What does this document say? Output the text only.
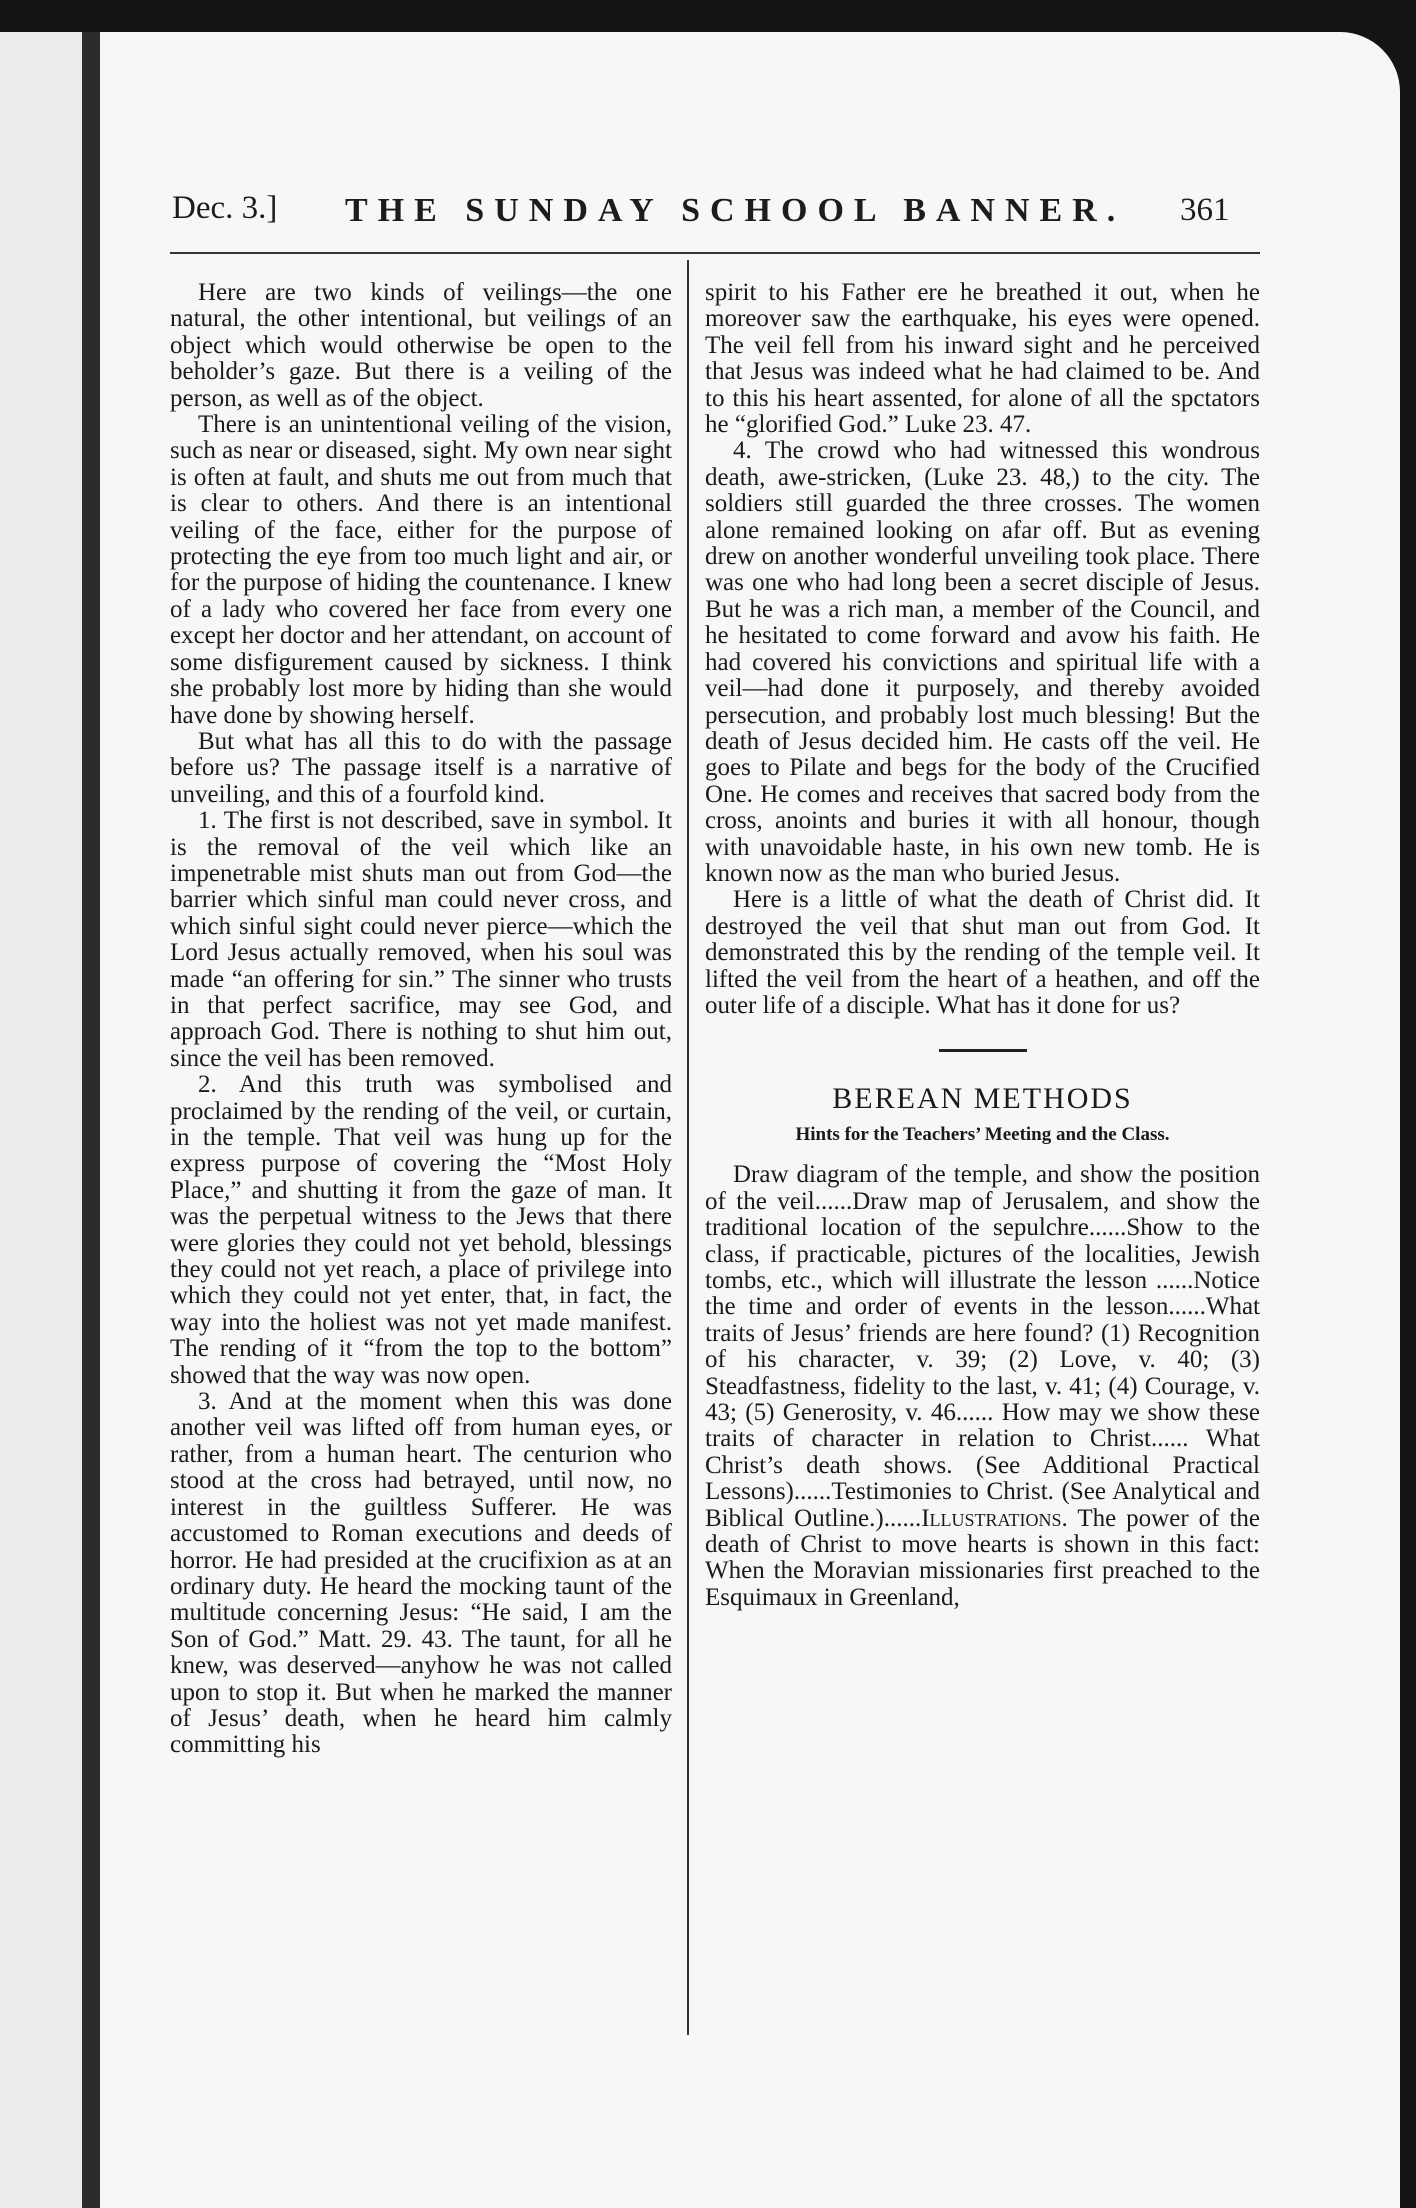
Dec. 3.] THE SUNDAY SCHOOL BANNER. 361

Here are two kinds of veilings—the one natural, the other intentional, but veilings of an object which would otherwise be open to the beholder’s gaze. But there is a veiling of the person, as well as of the object.

There is an unintentional veiling of the vision, such as near or diseased, sight. My own near sight is often at fault, and shuts me out from much that is clear to others. And there is an intentional veiling of the face, either for the purpose of protecting the eye from too much light and air, or for the purpose of hiding the countenance. I knew of a lady who covered her face from every one except her doctor and her attendant, on account of some disfigurement caused by sickness. I think she probably lost more by hiding than she would have done by showing herself.

But what has all this to do with the passage before us? The passage itself is a narrative of unveiling, and this of a fourfold kind.

1. The first is not described, save in symbol. It is the removal of the veil which like an impenetrable mist shuts man out from God—the barrier which sinful man could never cross, and which sinful sight could never pierce—which the Lord Jesus actually removed, when his soul was made “an offering for sin.” The sinner who trusts in that perfect sacrifice, may see God, and approach God. There is nothing to shut him out, since the veil has been removed.

2. And this truth was symbolised and proclaimed by the rending of the veil, or curtain, in the temple. That veil was hung up for the express purpose of covering the “Most Holy Place,” and shutting it from the gaze of man. It was the perpetual witness to the Jews that there were glories they could not yet behold, blessings they could not yet reach, a place of privilege into which they could not yet enter, that, in fact, the way into the holiest was not yet made manifest. The rending of it “from the top to the bottom” showed that the way was now open.

3. And at the moment when this was done another veil was lifted off from human eyes, or rather, from a human heart. The centurion who stood at the cross had betrayed, until now, no interest in the guiltless Sufferer. He was accustomed to Roman executions and deeds of horror. He had presided at the crucifixion as at an ordinary duty. He heard the mocking taunt of the multitude concerning Jesus: “He said, I am the Son of God.” Matt. 29. 43. The taunt, for all he knew, was deserved—anyhow he was not called upon to stop it. But when he marked the manner of Jesus’ death, when he heard him calmly committing his

spirit to his Father ere he breathed it out, when he moreover saw the earthquake, his eyes were opened. The veil fell from his inward sight and he perceived that Jesus was indeed what he had claimed to be. And to this his heart assented, for alone of all the spctators he “glorified God.” Luke 23. 47.

4. The crowd who had witnessed this wondrous death, awe-stricken, (Luke 23. 48,) to the city. The soldiers still guarded the three crosses. The women alone remained looking on afar off. But as evening drew on another wonderful unveiling took place. There was one who had long been a secret disciple of Jesus. But he was a rich man, a member of the Council, and he hesitated to come forward and avow his faith. He had covered his convictions and spiritual life with a veil—had done it purposely, and thereby avoided persecution, and probably lost much blessing! But the death of Jesus decided him. He casts off the veil. He goes to Pilate and begs for the body of the Crucified One. He comes and receives that sacred body from the cross, anoints and buries it with all honour, though with unavoidable haste, in his own new tomb. He is known now as the man who buried Jesus.

Here is a little of what the death of Christ did. It destroyed the veil that shut man out from God. It demonstrated this by the rending of the temple veil. It lifted the veil from the heart of a heathen, and off the outer life of a disciple. What has it done for us?

BEREAN METHODS
Hints for the Teachers’ Meeting and the Class.

Draw diagram of the temple, and show the position of the veil......Draw map of Jerusalem, and show the traditional location of the sepulchre......Show to the class, if practicable, pictures of the localities, Jewish tombs, etc., which will illustrate the lesson ......Notice the time and order of events in the lesson......What traits of Jesus’ friends are here found? (1) Recognition of his character, v. 39; (2) Love, v. 40; (3) Steadfastness, fidelity to the last, v. 41; (4) Courage, v. 43; (5) Generosity, v. 46...... How may we show these traits of character in relation to Christ...... What Christ’s death shows. (See Additional Practical Lessons)......Testimonies to Christ. (See Analytical and Biblical Outline.)......Illustrations. The power of the death of Christ to move hearts is shown in this fact: When the Moravian missionaries first preached to the Esquimaux in Greenland,
